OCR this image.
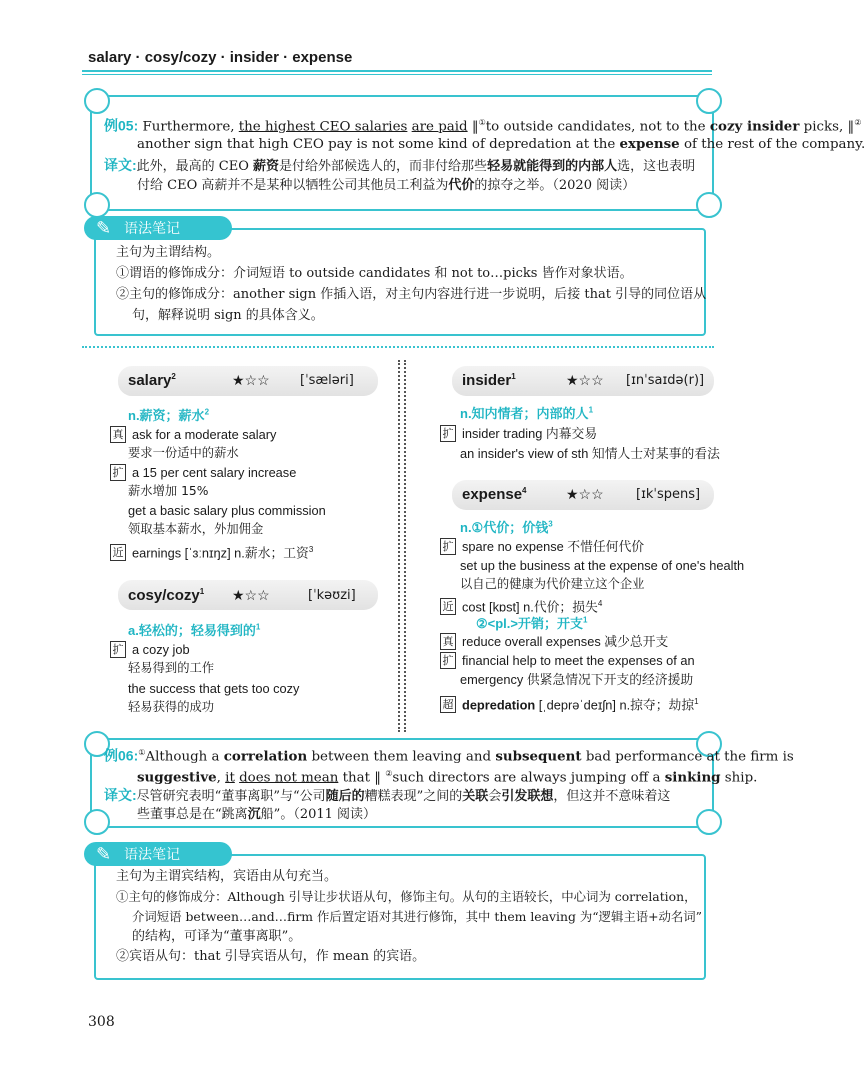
salary · cosy/cozy · insider · expense
例05: Furthermore, the highest CEO salaries are paid ‖①to outside candidates, not to the cozy insider picks, ‖②
another sign that high CEO pay is not some kind of depredation at the expense of the rest of the company.
译文:此外，最高的 CEO 薪资是付给外部候选人的，而非付给那些轻易就能得到的内部人选，这也表明
付给 CEO 高薪并不是某种以牺牲公司其他员工利益为代价的掠夺之举。（2020 阅读）
✎ 语法笔记
主句为主谓结构。
①谓语的修饰成分：介词短语 to outside candidates 和 not to…picks 皆作对象状语。
②主句的修饰成分：another sign 作插入语，对主句内容进行进一步说明，后接 that 引导的同位语从
句，解释说明 sign 的具体含义。
salary$^2$	★☆☆ [ˈsæləri]
n.薪资；薪水$^2$
真 ask for a moderate salary
要求一份适中的薪水
扩 a 15 per cent salary increase
薪水增加 15%
get a basic salary plus commission
领取基本薪水，外加佣金
近 earnings [ˈɜːnɪŋz] n.薪水；工资$^3$
cosy/cozy$^1$ ★☆☆	[ˈkəʊzi]
a.轻松的；轻易得到的$^1$
扩 a cozy job
轻易得到的工作
the success that gets too cozy
轻易获得的成功
insider$^1$	★☆☆ [ɪnˈsaɪdə(r)]
n.知内情者；内部的人$^1$
扩 insider trading 内幕交易
an insider's view of sth 知情人士对某事的看法
expense$^4$	★☆☆ [ɪkˈspens]
n.①代价；价钱$^3$
扩 spare no expense 不惜任何代价
set up the business at the expense of one's health
以自己的健康为代价建立这个企业
近 cost [kɒst] n.代价；损失$^4$
②<pl.>开销；开支$^1$
真 reduce overall expenses 减少总开支
扩 financial help to meet the expenses of an
emergency 供紧急情况下开支的经济援助
超 depredation [ˌdeprəˈdeɪʃn] n.掠夺；劫掠$^1$
例06:①Although a correlation between them leaving and subsequent bad performance at the firm is
suggestive, it does not mean that ‖ ②such directors are always jumping off a sinking ship.
译文:尽管研究表明“董事离职”与“公司随后的糟糕表现”之间的关联会引发联想，但这并不意味着这
些董事总是在“跳离沉船”。（2011 阅读）
✎ 语法笔记
主句为主谓宾结构，宾语由从句充当。
①主句的修饰成分：Although 引导让步状语从句，修饰主句。从句的主语较长，中心词为 correlation，
介词短语 between…and…firm 作后置定语对其进行修饰，其中 them leaving 为“逻辑主语+动名词”
的结构，可译为“董事离职”。
②宾语从句：that 引导宾语从句，作 mean 的宾语。
308
